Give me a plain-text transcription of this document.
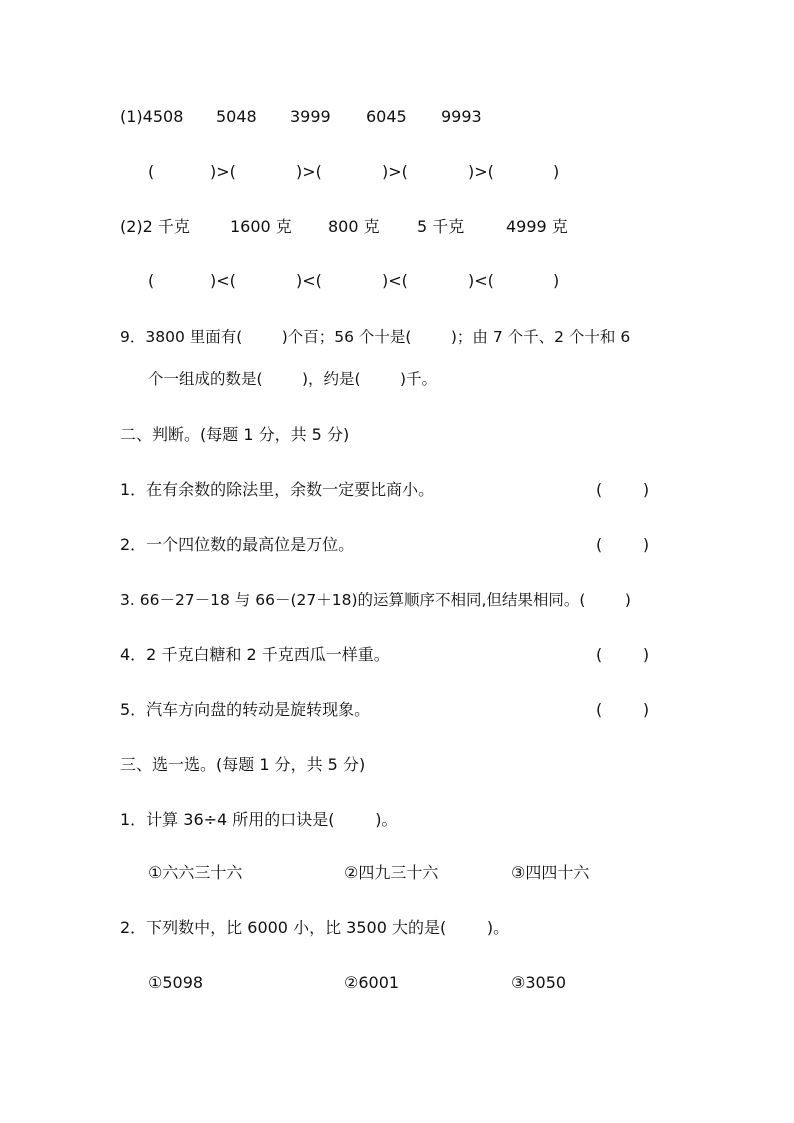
(1)4508 5048 3999 6045 9993
(	)>(	)>(	)>(	)>(	)
(2)2 千克	1600 克 800 克 5 千克	4999 克
(	)<(	)<(	)<(	)<(	)
9．3800 里面有(        )个百；56 个十是(        )；由 7 个千、2 个十和 6
个一组成的数是(        )，约是(        )千。
二、判断。(每题 1 分，共 5 分)
1．在有余数的除法里，余数一定要比商小。	(        )
2．一个四位数的最高位是万位。	(        )
3. 66－27－18 与 66－(27＋18)的运算顺序不相同,但结果相同。(        )
4．2 千克白糖和 2 千克西瓜一样重。	(        )
5．汽车方向盘的转动是旋转现象。	(        )
三、选一选。(每题 1 分，共 5 分)
1．计算 36÷4 所用的口诀是(        )。
①六六三十六	②四九三十六	③四四十六
2．下列数中，比 6000 小，比 3500 大的是(        )。
①5098	②6001	③3050
